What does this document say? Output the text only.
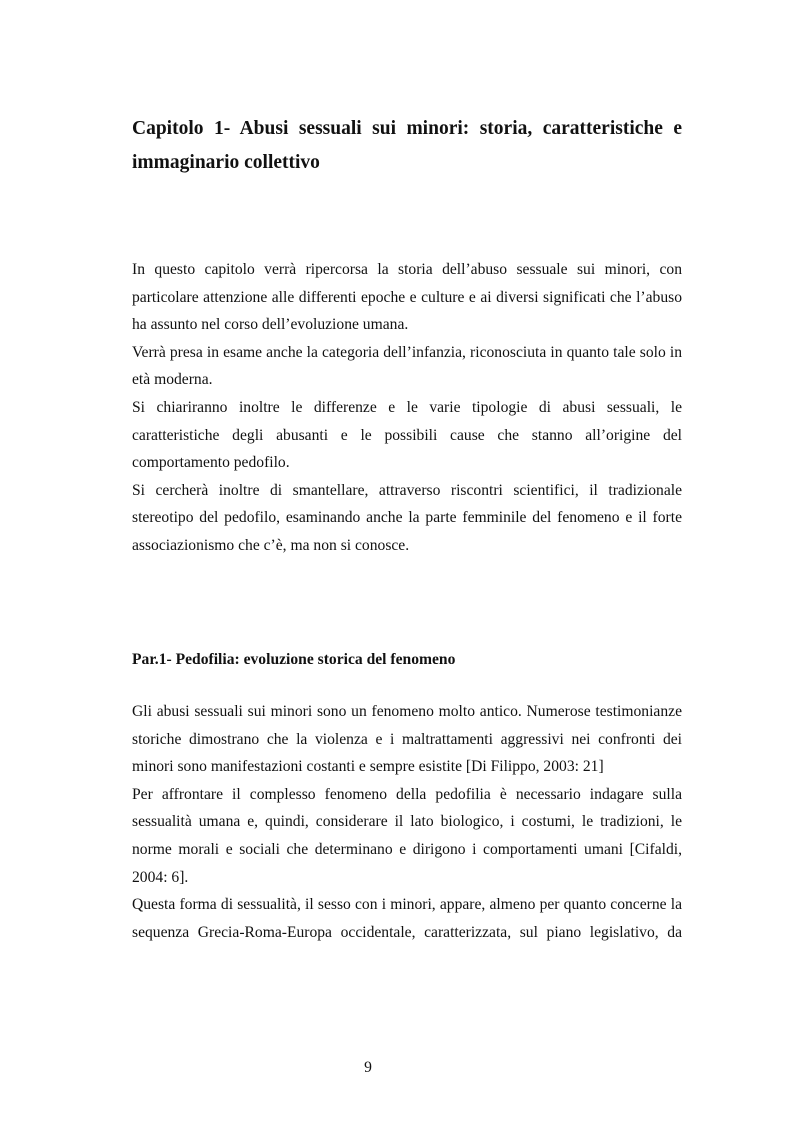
Capitolo 1- Abusi sessuali sui minori: storia, caratteristiche e immaginario collettivo

In questo capitolo verrà ripercorsa la storia dell’abuso sessuale sui minori, con particolare attenzione alle differenti epoche e culture e ai diversi significati che l’abuso ha assunto nel corso dell’evoluzione umana.

Verrà presa in esame anche la categoria dell’infanzia, riconosciuta in quanto tale solo in età moderna.

Si chiariranno inoltre le differenze e le varie tipologie di abusi sessuali, le caratteristiche degli abusanti e le possibili cause che stanno all’origine del comportamento pedofilo.

Si cercherà inoltre di smantellare, attraverso riscontri scientifici, il tradizionale stereotipo del pedofilo, esaminando anche la parte femminile del fenomeno e il forte associazionismo che c’è, ma non si conosce.

Par.1- Pedofilia: evoluzione storica del fenomeno

Gli abusi sessuali sui minori sono un fenomeno molto antico. Numerose testimonianze storiche dimostrano che la violenza e i maltrattamenti aggressivi nei confronti dei minori sono manifestazioni costanti e sempre esistite [Di Filippo, 2003: 21]

Per affrontare il complesso fenomeno della pedofilia è necessario indagare sulla sessualità umana e, quindi, considerare il lato biologico, i costumi, le tradizioni, le norme morali e sociali che determinano e dirigono i comportamenti umani [Cifaldi, 2004: 6].

Questa forma di sessualità, il sesso con i minori, appare, almeno per quanto concerne la sequenza Grecia-Roma-Europa occidentale, caratterizzata, sul piano legislativo, da

9
